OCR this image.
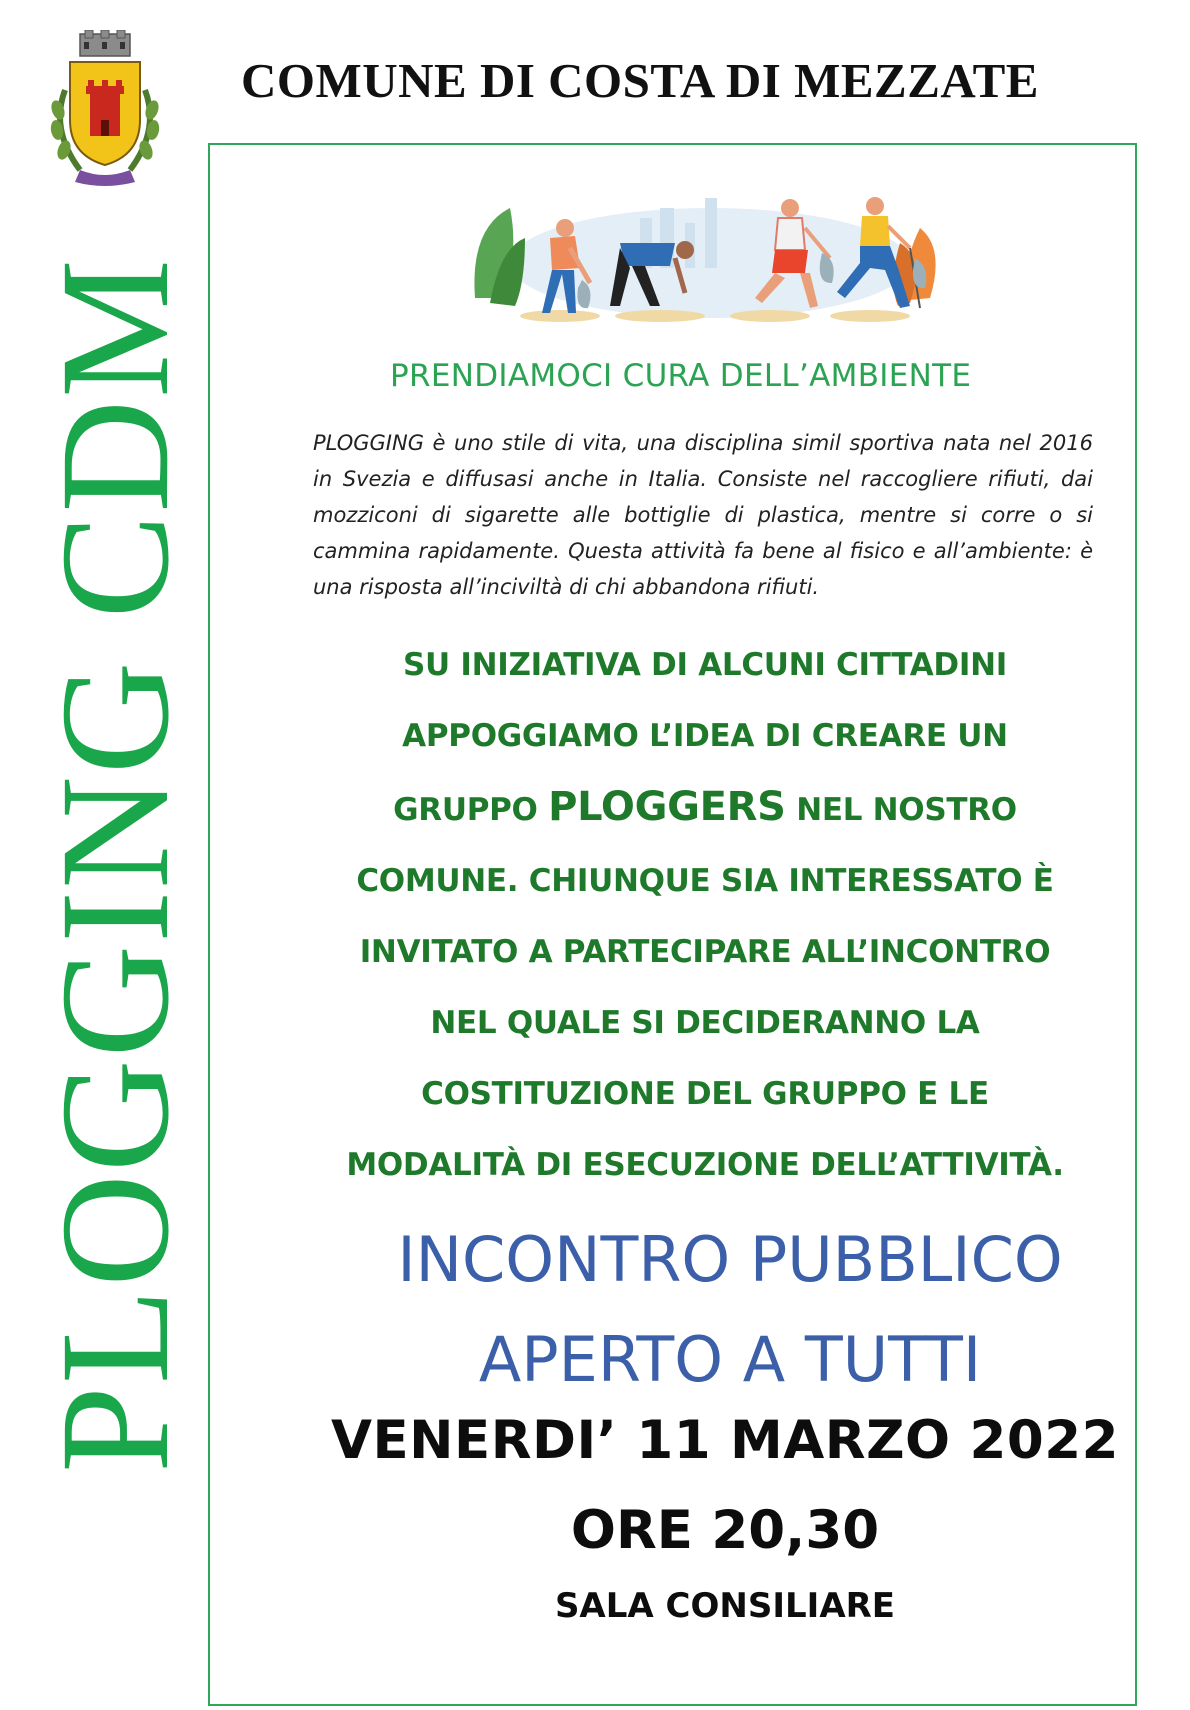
COMUNE DI COSTA DI MEZZATE
PLOGGING CDM	PRENDIAMOCI CURA DELL’AMBIENTE

PLOGGING è uno stile di vita, una disciplina simil sportiva nata nel 2016 in Svezia e diffusasi anche in Italia. Consiste nel raccogliere rifiuti, dai mozziconi di sigarette alle bottiglie di plastica, mentre si corre o si cammina rapidamente. Questa attività fa bene al fisico e all’ambiente: è una risposta all’inciviltà di chi abbandona rifiuti.

SU INIZIATIVA DI ALCUNI CITTADINI
APPOGGIAMO L’IDEA DI CREARE UN
GRUPPO PLOGGERS NEL NOSTRO
COMUNE. CHIUNQUE SIA INTERESSATO È
INVITATO A PARTECIPARE ALL’INCONTRO
NEL QUALE SI DECIDERANNO LA
COSTITUZIONE DEL GRUPPO E LE
MODALITÀ DI ESECUZIONE DELL’ATTIVITÀ.
INCONTRO PUBBLICO
APERTO A TUTTI
VENERDI’ 11 MARZO 2022
ORE 20,30
SALA CONSILIARE
